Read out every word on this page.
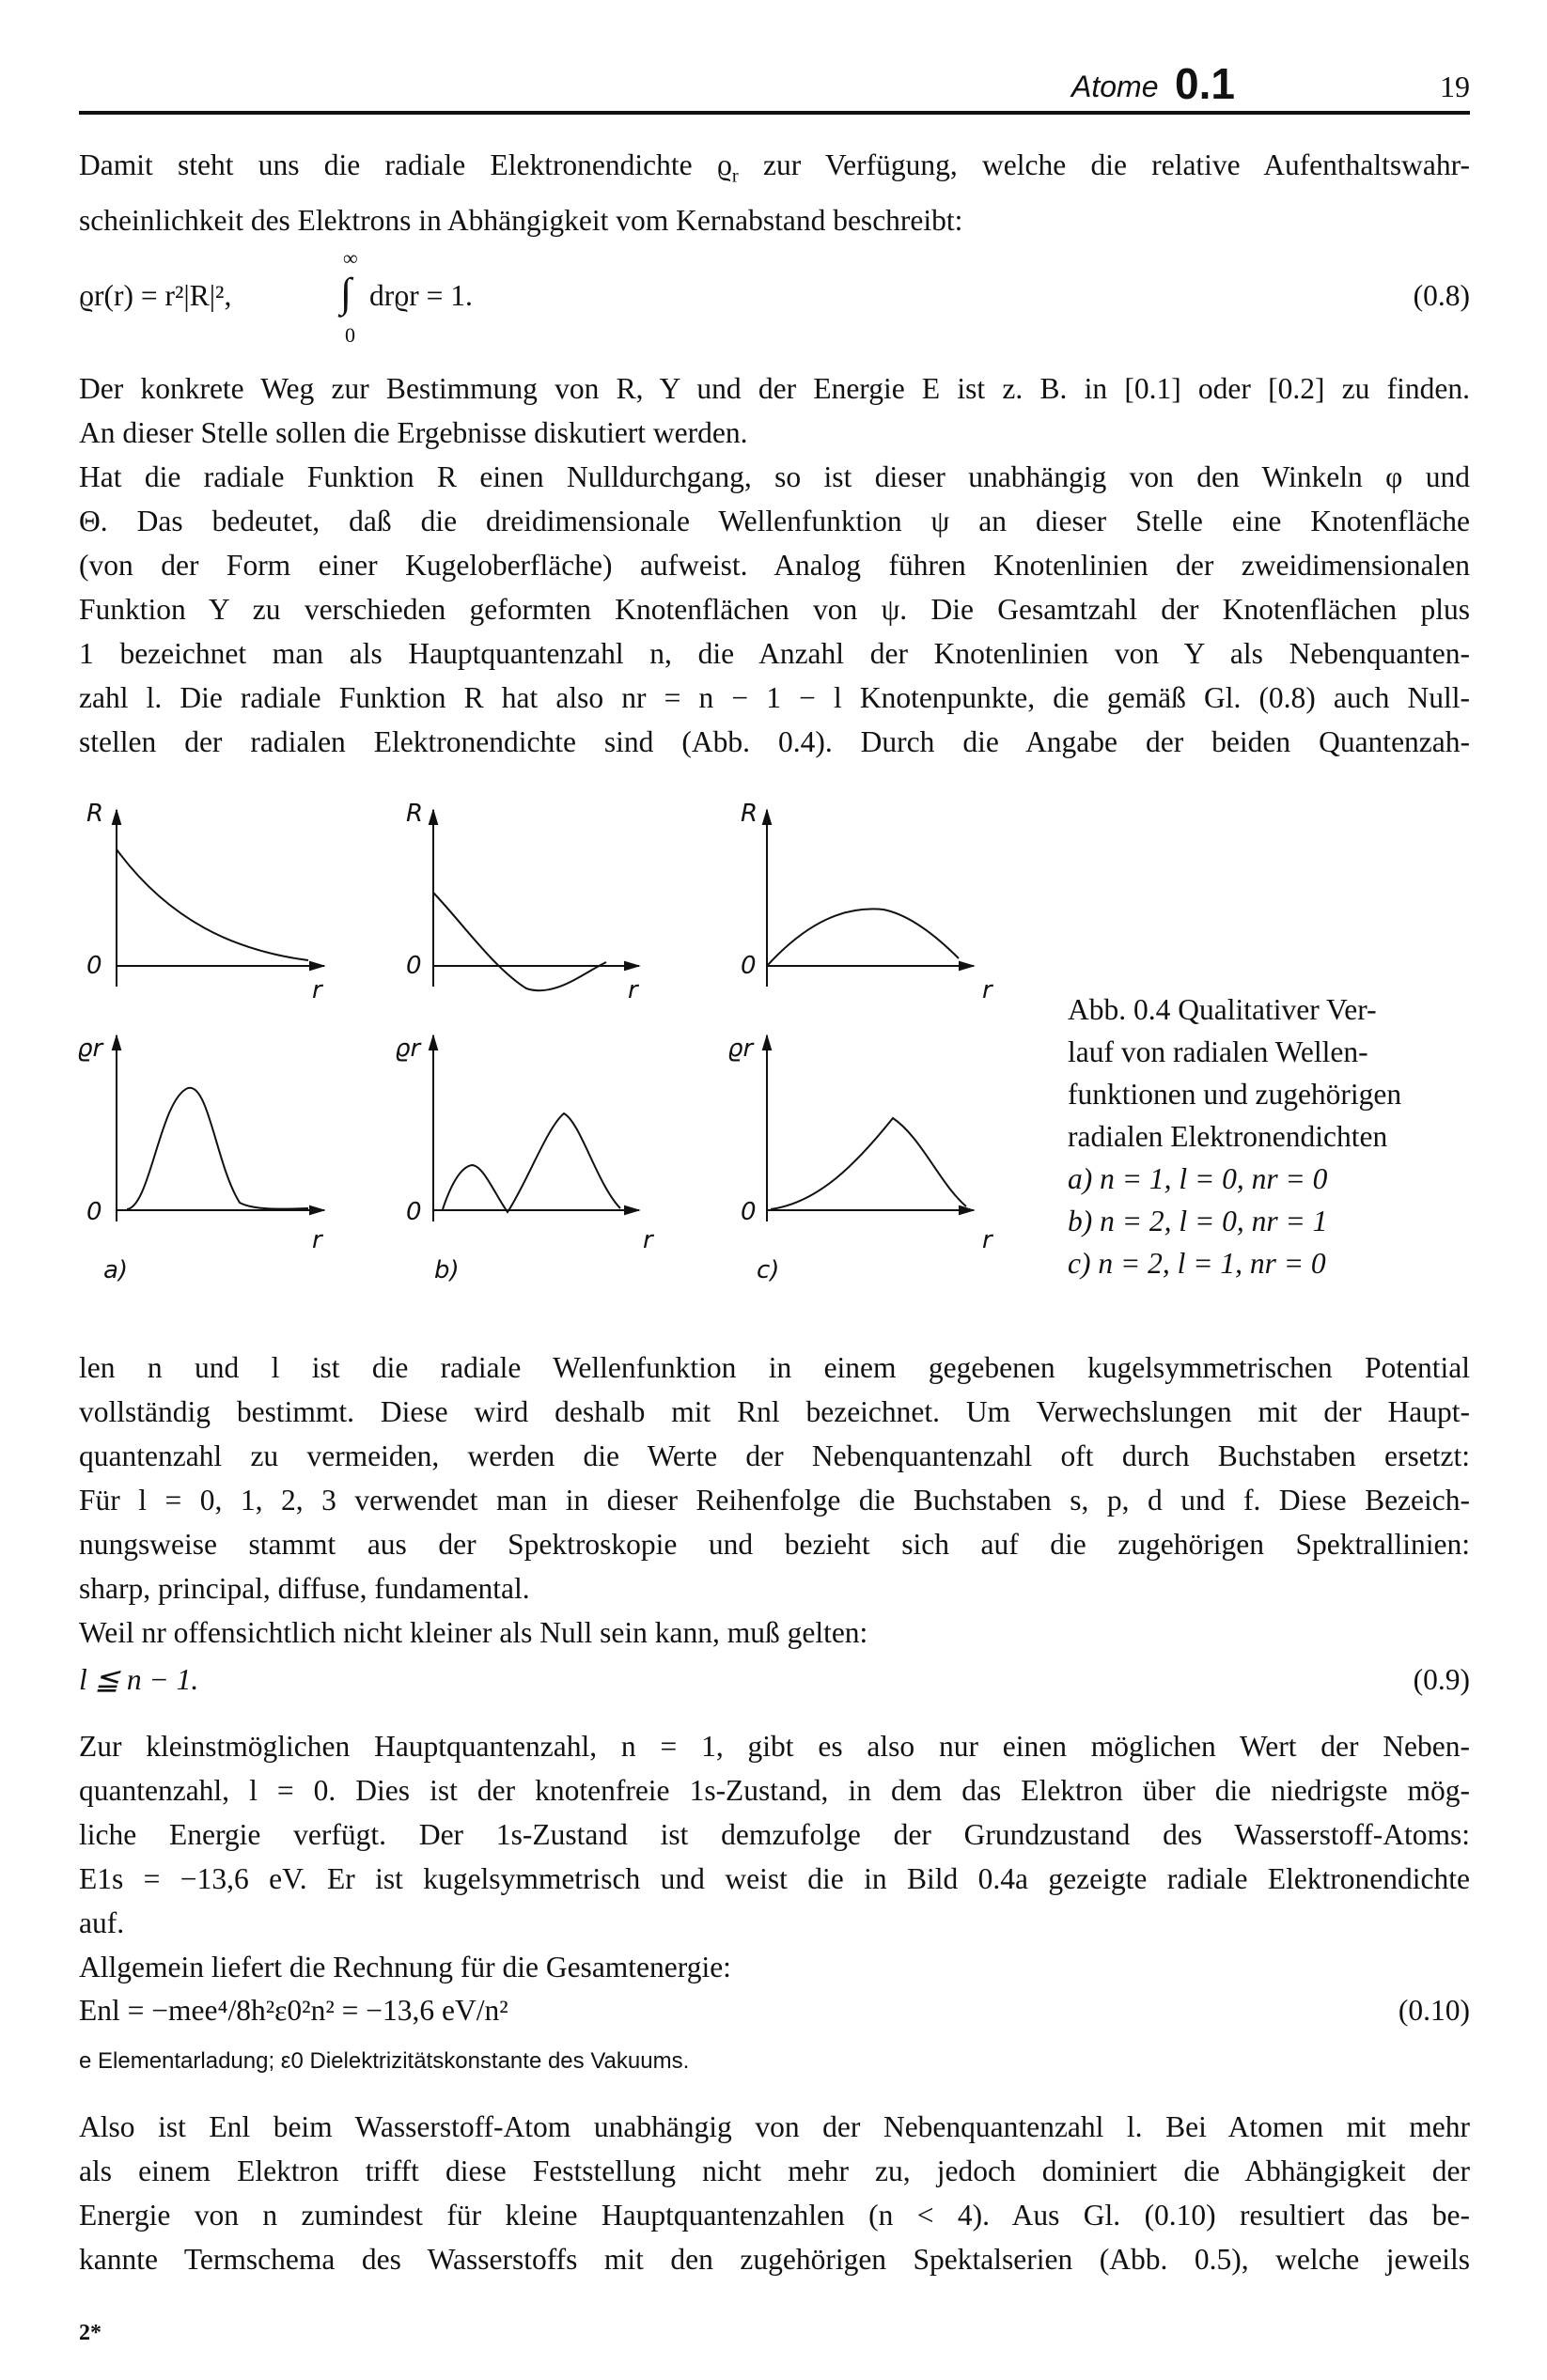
Atome 0.1	19
Damit steht uns die radiale Elektronendichte $ϱ_r$ zur Verfügung, welche die relative Aufenthaltswahr-
scheinlichkeit des Elektrons in Abhängigkeit vom Kernabstand beschreibt:
ϱr(r) = r²|R|²,
∞
∫
0
drϱr = 1.	(0.8)
Der konkrete Weg zur Bestimmung von R, Y und der Energie E ist z. B. in [0.1] oder [0.2] zu finden.
An dieser Stelle sollen die Ergebnisse diskutiert werden.
Hat die radiale Funktion R einen Nulldurchgang, so ist dieser unabhängig von den Winkeln φ und
Θ. Das bedeutet, daß die dreidimensionale Wellenfunktion ψ an dieser Stelle eine Knotenfläche
(von der Form einer Kugeloberfläche) aufweist. Analog führen Knotenlinien der zweidimensionalen
Funktion Y zu verschieden geformten Knotenflächen von ψ. Die Gesamtzahl der Knotenflächen plus
1 bezeichnet man als Hauptquantenzahl n, die Anzahl der Knotenlinien von Y als Nebenquanten-
zahl l. Die radiale Funktion R hat also nr = n − 1 − l Knotenpunkte, die gemäß Gl. (0.8) auch Null-
stellen der radialen Elektronendichte sind (Abb. 0.4). Durch die Angabe der beiden Quantenzah-
R
0
r
ϱr
0
r
a)
R
0
r
ϱr
0
r
b)
R
0
r
ϱr
0
r
c)
Abb. 0.4 Qualitativer Ver-
lauf von radialen Wellen-
funktionen und zugehörigen
radialen Elektronendichten
a) n = 1, l = 0, nr = 0
b) n = 2, l = 0, nr = 1
c) n = 2, l = 1, nr = 0
len n und l ist die radiale Wellenfunktion in einem gegebenen kugelsymmetrischen Potential
vollständig bestimmt. Diese wird deshalb mit Rnl bezeichnet. Um Verwechslungen mit der Haupt-
quantenzahl zu vermeiden, werden die Werte der Nebenquantenzahl oft durch Buchstaben ersetzt:
Für l = 0, 1, 2, 3 verwendet man in dieser Reihenfolge die Buchstaben s, p, d und f. Diese Bezeich-
nungsweise stammt aus der Spektroskopie und bezieht sich auf die zugehörigen Spektrallinien:
sharp, principal, diffuse, fundamental.
Weil nr offensichtlich nicht kleiner als Null sein kann, muß gelten:
l ≦ n − 1.	(0.9)
Zur kleinstmöglichen Hauptquantenzahl, n = 1, gibt es also nur einen möglichen Wert der Neben-
quantenzahl, l = 0. Dies ist der knotenfreie 1s-Zustand, in dem das Elektron über die niedrigste mög-
liche Energie verfügt. Der 1s-Zustand ist demzufolge der Grundzustand des Wasserstoff-Atoms:
E1s = −13,6 eV. Er ist kugelsymmetrisch und weist die in Bild 0.4a gezeigte radiale Elektronendichte
auf.
Allgemein liefert die Rechnung für die Gesamtenergie:
Enl = −mee⁴/8h²ε0²n² = −13,6 eV/n²	(0.10)
e Elementarladung; ε0 Dielektrizitätskonstante des Vakuums.
Also ist Enl beim Wasserstoff-Atom unabhängig von der Nebenquantenzahl l. Bei Atomen mit mehr
als einem Elektron trifft diese Feststellung nicht mehr zu, jedoch dominiert die Abhängigkeit der
Energie von n zumindest für kleine Hauptquantenzahlen (n < 4). Aus Gl. (0.10) resultiert das be-
kannte Termschema des Wasserstoffs mit den zugehörigen Spektalserien (Abb. 0.5), welche jeweils
2*
